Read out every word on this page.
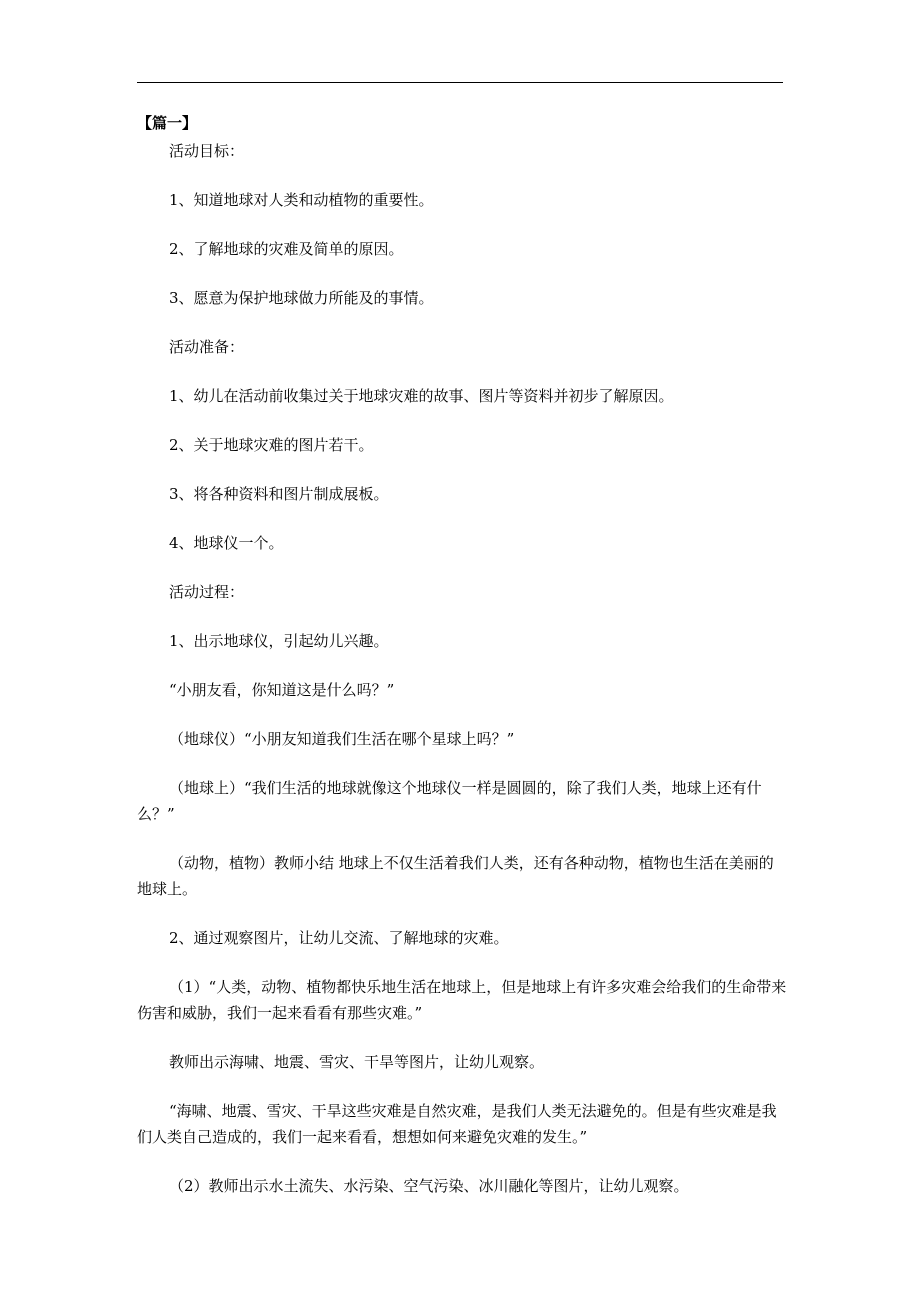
【篇一】

活动目标：

1、知道地球对人类和动植物的重要性。

2、了解地球的灾难及简单的原因。

3、愿意为保护地球做力所能及的事情。

活动准备：

1、幼儿在活动前收集过关于地球灾难的故事、图片等资料并初步了解原因。

2、关于地球灾难的图片若干。

3、将各种资料和图片制成展板。

4、地球仪一个。

活动过程：

1、出示地球仪，引起幼儿兴趣。

“小朋友看，你知道这是什么吗？”

（地球仪）“小朋友知道我们生活在哪个星球上吗？”

（地球上）“我们生活的地球就像这个地球仪一样是圆圆的，除了我们人类，地球上还有什么？”

（动物，植物）教师小结 地球上不仅生活着我们人类，还有各种动物，植物也生活在美丽的地球上。

2、通过观察图片，让幼儿交流、了解地球的灾难。

（1）“人类，动物、植物都快乐地生活在地球上，但是地球上有许多灾难会给我们的生命带来伤害和威胁，我们一起来看看有那些灾难。”

教师出示海啸、地震、雪灾、干旱等图片，让幼儿观察。

“海啸、地震、雪灾、干旱这些灾难是自然灾难，是我们人类无法避免的。但是有些灾难是我们人类自己造成的，我们一起来看看，想想如何来避免灾难的发生。”

（2）教师出示水土流失、水污染、空气污染、冰川融化等图片，让幼儿观察。
